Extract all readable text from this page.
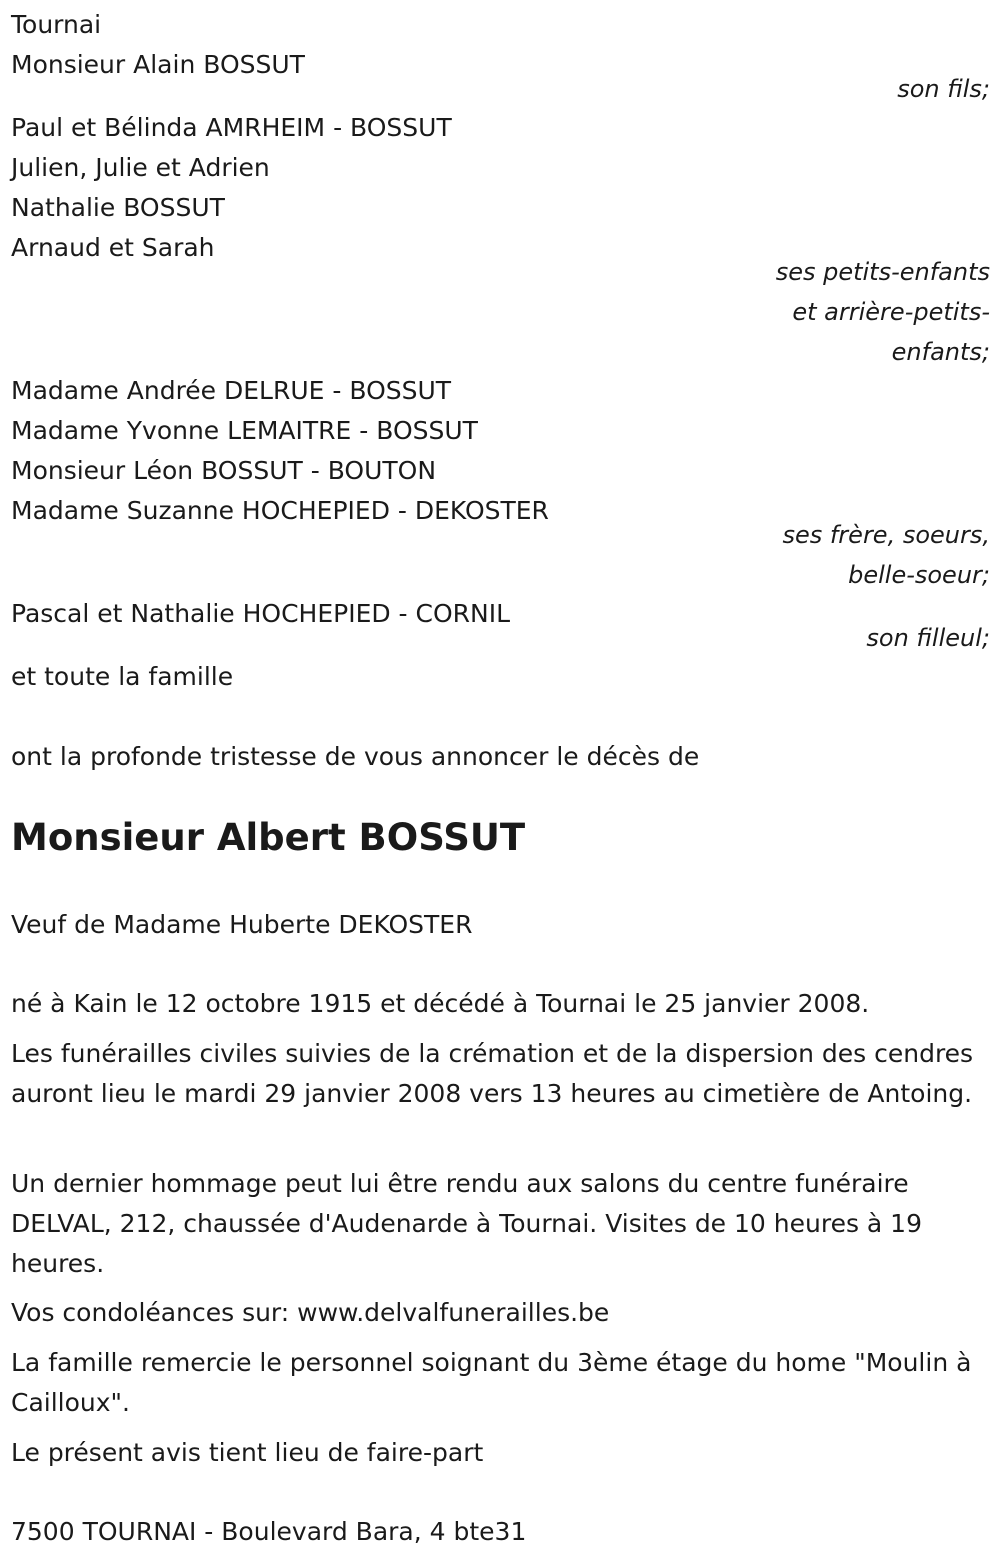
Tournai

Monsieur Alain BOSSUT

son fils;

Paul et Bélinda AMRHEIM - BOSSUT

Julien, Julie et Adrien

Nathalie BOSSUT

Arnaud et Sarah

ses petits-enfants

et arrière-petits-

enfants;

Madame Andrée DELRUE - BOSSUT

Madame Yvonne LEMAITRE - BOSSUT

Monsieur Léon BOSSUT - BOUTON

Madame Suzanne HOCHEPIED - DEKOSTER

ses frère, soeurs,

belle-soeur;

Pascal et Nathalie HOCHEPIED - CORNIL

son filleul;

et toute la famille

ont la profonde tristesse de vous annoncer le décès de

Monsieur Albert BOSSUT

Veuf de Madame Huberte DEKOSTER

né à Kain le 12 octobre 1915 et décédé à Tournai le 25 janvier 2008.

Les funérailles civiles suivies de la crémation et de la dispersion des cendres auront lieu le mardi 29 janvier 2008 vers 13 heures au cimetière de Antoing.

Un dernier hommage peut lui être rendu aux salons du centre funéraire DELVAL, 212, chaussée d'Audenarde à Tournai. Visites de 10 heures à 19 heures.

Vos condoléances sur: www.delvalfunerailles.be

La famille remercie le personnel soignant du 3ème étage du home "Moulin à Cailloux".

Le présent avis tient lieu de faire-part

7500 TOURNAI - Boulevard Bara, 4 bte31
